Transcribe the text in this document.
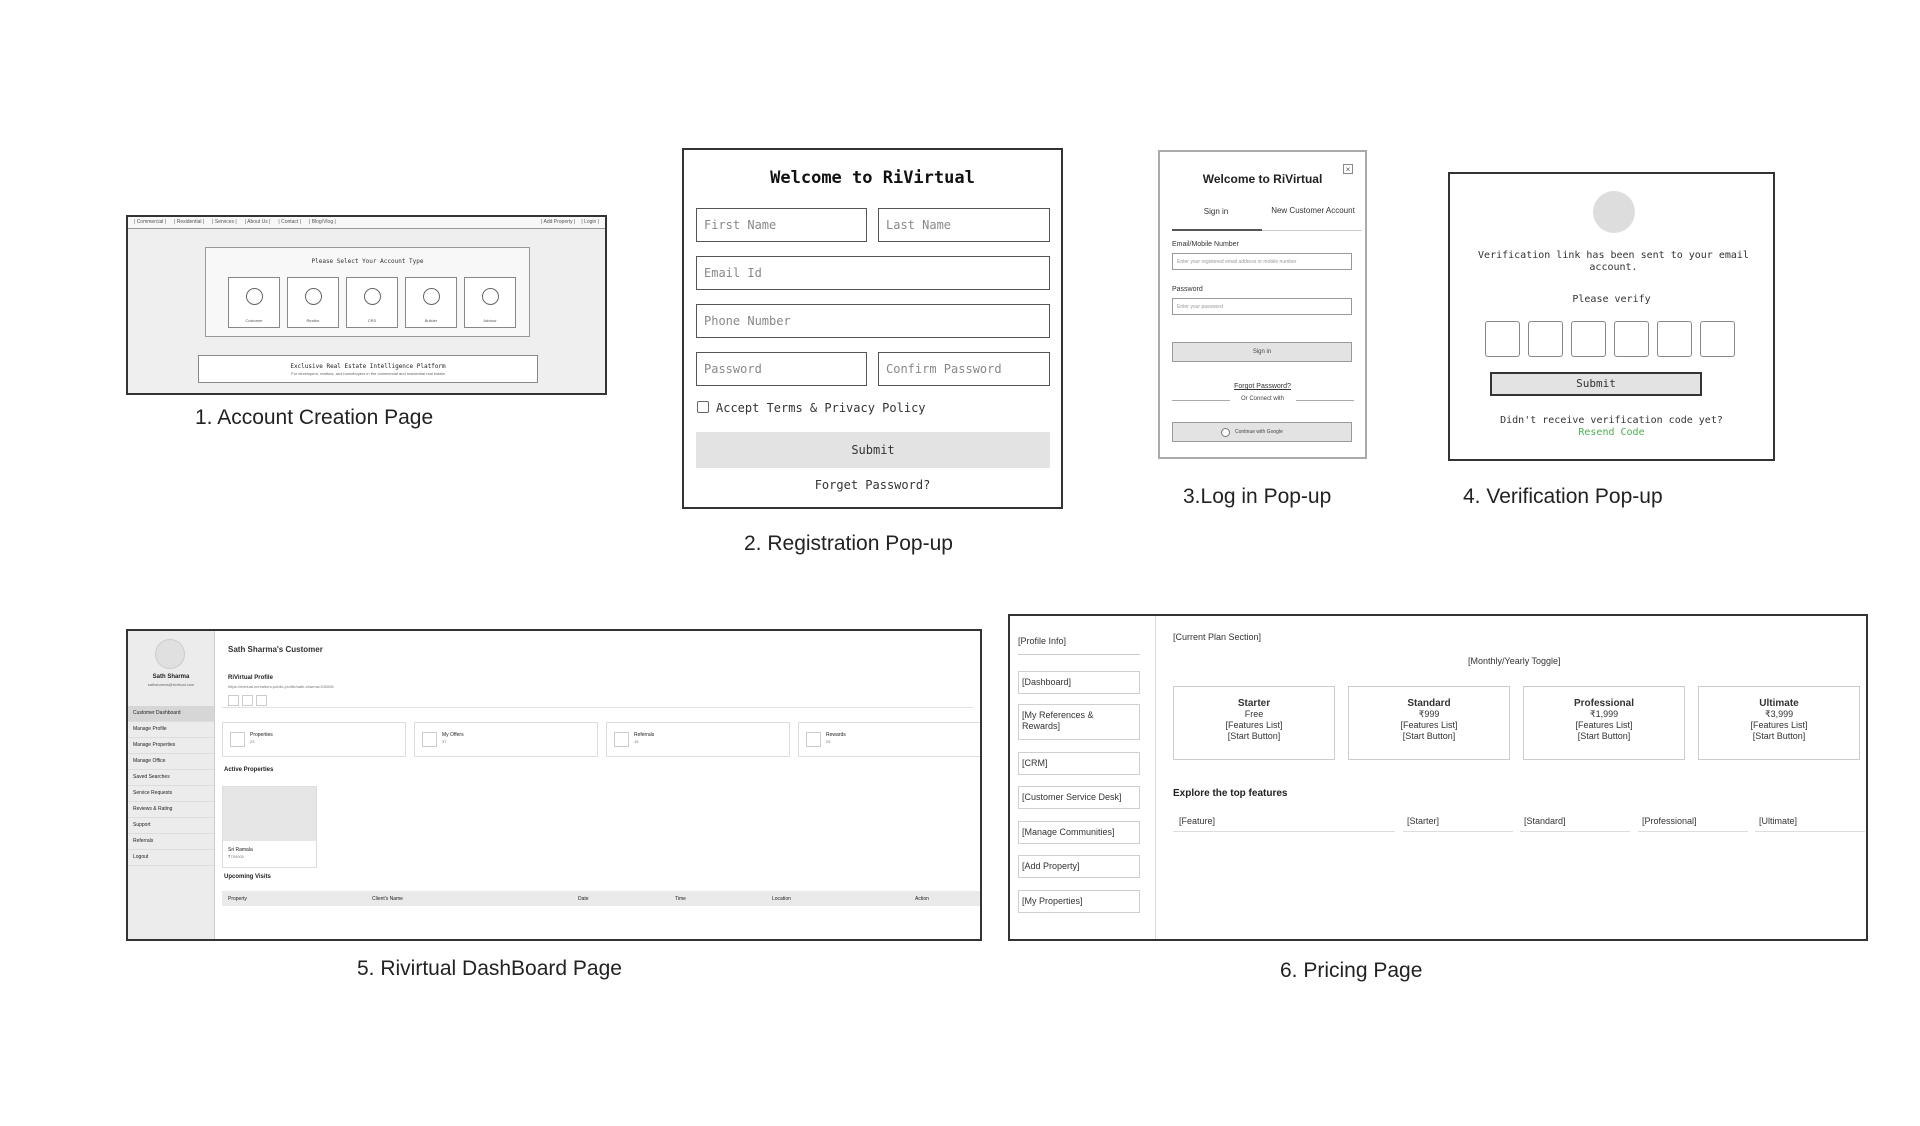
| Commercial | | Residential | | Services | | About Us | | Contact | | Blog/Vlog |	| Add Property | | Login |
Please Select Your Account Type
Customer	Realtor	CRS	Builder	Advisor
Exclusive Real Estate Intelligence Platform
For developers, realtors, and homebuyers in the commercial and residential real estate
1. Account Creation Page
Welcome to RiVirtual
First Name	Last Name
Email Id
Phone Number
Password	Confirm Password
Accept Terms & Privacy Policy
Submit
Forget Password?
2. Registration Pop-up
Welcome to RiVirtual
×
Sign in	New Customer Account
Email/Mobile Number
Enter your registered email address or mobile number
Password
Enter your password
Sign in
Forgot Password?
Or Connect with
Continue with Google
3.Log in Pop-up
Verification link has been sent to your email account.
Please verify
Submit
Didn't receive verification code yet?
Resend Code
4. Verification Pop-up
Sath Sharma
sathsharma@rivirtual.com
Customer Dashboard
Manage Profile
Manage Properties
Manage Office
Saved Searches
Service Requests
Reviews & Rating
Support
Referrals
Logout
Sath Sharma's Customer
RiVirtual Profile
https://rivirtual.in/realtors-public-profile/sath-sharma-330008
Properties
23
My Offers
37
Referrals
15
Rewards
25
Active Properties
Sri Ramala
₹700000
Upcoming Visits
Property	Client's Name	Date	Time	Location	Action
5. Rivirtual DashBoard Page
[Profile Info]
[Dashboard]
[My References & Rewards]
[CRM]
[Customer Service Desk]
[Manage Communities]
[Add Property]
[My Properties]
[Current Plan Section]
[Monthly/Yearly Toggle]
Starter
Free
[Features List]
[Start Button]
Standard
₹999
[Features List]
[Start Button]
Professional
₹1,999
[Features List]
[Start Button]
Ultimate
₹3,999
[Features List]
[Start Button]
Explore the top features
[Feature]	[Starter]	[Standard]	[Professional]	[Ultimate]
6. Pricing Page
